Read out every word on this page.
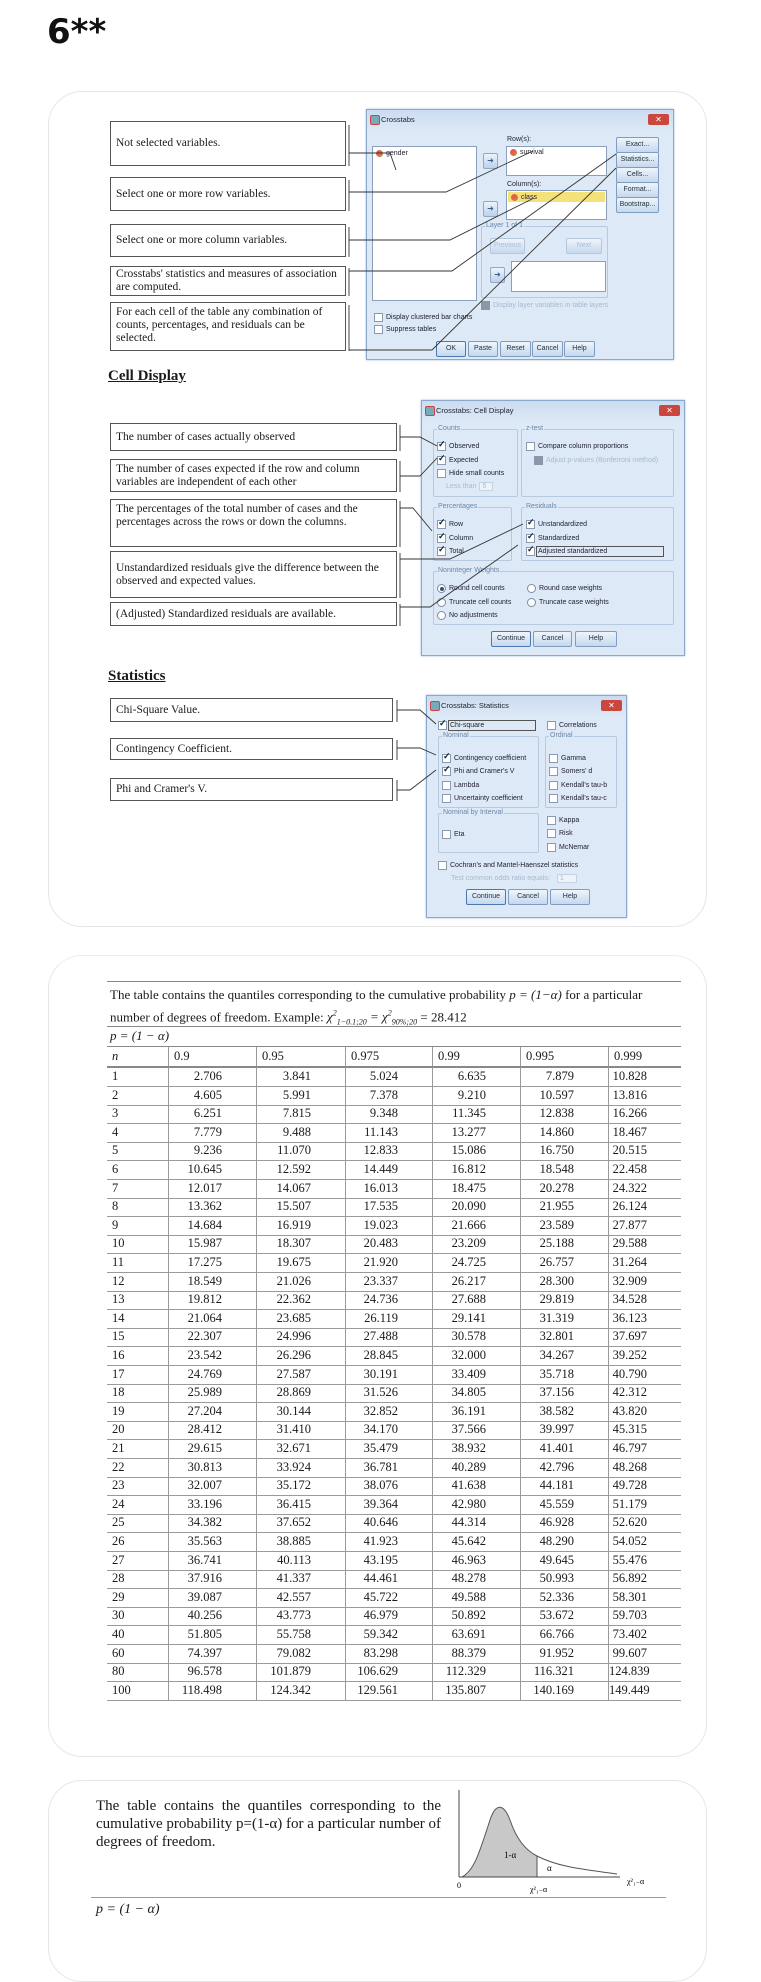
6**
Not selected variables.
Select one or more row variables.
Select one or more column variables.
Crosstabs' statistics and measures of association are computed.
For each cell of the table any combination of counts, percentages, and residuals can be selected.
Crosstabs	✕
gender
➜
Row(s):
survival
➜
Column(s):
class
Layer 1 of 1
Previous	Next
➜
Display layer variables in table layers
Exact...
Statistics...
Cells...
Format...
Bootstrap...
Display clustered bar charts
Suppress tables
OK	Paste	Reset	Cancel	Help
Cell Display
The number of cases actually observed
The number of cases expected if the row and column variables are independent of each other
The percentages of the total number of cases and the percentages across the rows or down the columns.
Unstandardized residuals give the difference between the observed and expected values.
(Adjusted) Standardized residuals are available.
Crosstabs: Cell Display	✕
Counts
✓
Observed
✓
Expected
Hide small counts
Less than 5
z-test
Compare column proportions
Adjust p-values (Bonferroni method)
Percentages
✓
Row
✓
Column
✓
Total
Residuals
✓
Unstandardized
✓
Standardized
✓
Adjusted standardized
Noninteger Weights
Round cell counts	Round case weights
Truncate cell counts	Truncate case weights
No adjustments
Continue	Cancel	Help
Statistics
Chi-Square Value.
Contingency Coefficient.
Phi and Cramer's V.
Crosstabs: Statistics	✕
✓
Chi-square	Correlations
Nominal
✓
Contingency coefficient
✓
Phi and Cramer's V
Lambda
Uncertainty coefficient
Ordinal
Gamma
Somers' d
Kendall's tau-b
Kendall's tau-c
Nominal by Interval
Eta
Kappa
Risk
McNemar
Cochran's and Mantel-Haenszel statistics
Test common odds ratio equals:	1
Continue	Cancel	Help
The table contains the quantiles corresponding to the cumulative probability p = (1−α) for a particular number of degrees of freedom. Example: $\chi^2_{1-0.1;20} = \chi^2_{90\%;20} = 28.412$
p = (1 − α)
n	0.9	0.95	0.975	0.99	0.995	0.999
1	2.706	3.841	5.024	6.635	7.879	10.828
2	4.605	5.991	7.378	9.210	10.597	13.816
3	6.251	7.815	9.348	11.345	12.838	16.266
4	7.779	9.488	11.143	13.277	14.860	18.467
5	9.236	11.070	12.833	15.086	16.750	20.515
6	10.645	12.592	14.449	16.812	18.548	22.458
7	12.017	14.067	16.013	18.475	20.278	24.322
8	13.362	15.507	17.535	20.090	21.955	26.124
9	14.684	16.919	19.023	21.666	23.589	27.877
10	15.987	18.307	20.483	23.209	25.188	29.588
11	17.275	19.675	21.920	24.725	26.757	31.264
12	18.549	21.026	23.337	26.217	28.300	32.909
13	19.812	22.362	24.736	27.688	29.819	34.528
14	21.064	23.685	26.119	29.141	31.319	36.123
15	22.307	24.996	27.488	30.578	32.801	37.697
16	23.542	26.296	28.845	32.000	34.267	39.252
17	24.769	27.587	30.191	33.409	35.718	40.790
18	25.989	28.869	31.526	34.805	37.156	42.312
19	27.204	30.144	32.852	36.191	38.582	43.820
20	28.412	31.410	34.170	37.566	39.997	45.315
21	29.615	32.671	35.479	38.932	41.401	46.797
22	30.813	33.924	36.781	40.289	42.796	48.268
23	32.007	35.172	38.076	41.638	44.181	49.728
24	33.196	36.415	39.364	42.980	45.559	51.179
25	34.382	37.652	40.646	44.314	46.928	52.620
26	35.563	38.885	41.923	45.642	48.290	54.052
27	36.741	40.113	43.195	46.963	49.645	55.476
28	37.916	41.337	44.461	48.278	50.993	56.892
29	39.087	42.557	45.722	49.588	52.336	58.301
30	40.256	43.773	46.979	50.892	53.672	59.703
40	51.805	55.758	59.342	63.691	66.766	73.402
60	74.397	79.082	83.298	88.379	91.952	99.607
80	96.578	101.879	106.629	112.329	116.321	124.839
100	118.498	124.342	129.561	135.807	140.169	149.449
The table contains the quantiles corresponding to the cumulative probability p=(1-α) for a particular number of degrees of freedom.
1-α
α
0	χ²₁₋α
χ²₁₋α
p = (1 − α)
